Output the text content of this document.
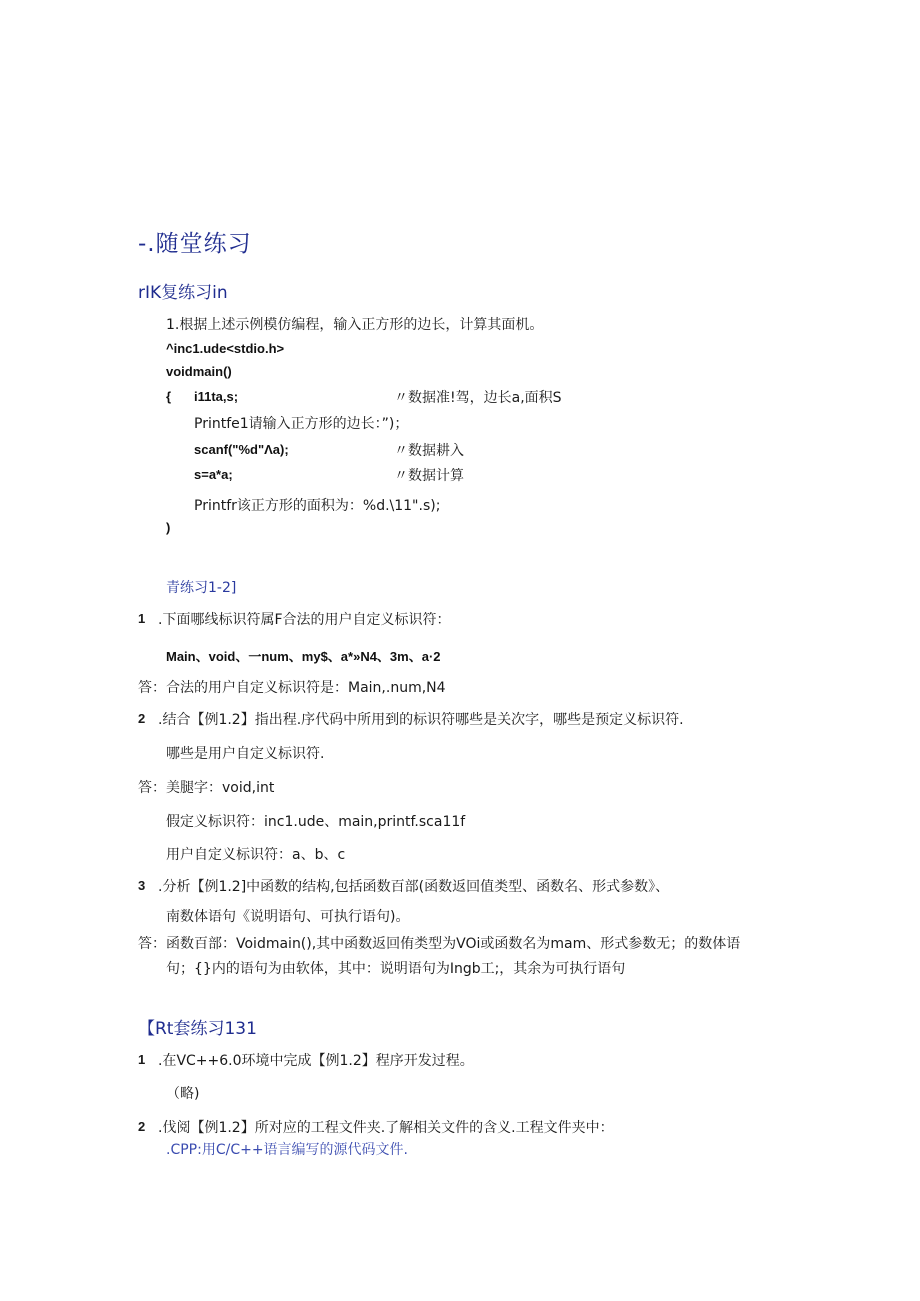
-.随堂练习
rIK复练习in
1.根据上述示例模仿编程，输入正方形的边长，计算其面机。
^inc1.ude<stdio.h>
voidmain()
{ i11ta,s;	〃数据准!驾，边长a,面积S
Printfe1请输入正方形的边长：”)；
scanf("%d"Λa);	〃数据耕入
s=a*a;	〃数据计算
Printfr该正方形的面积为：%d.\11".s);
)
青练习1-2]
1 .下面哪线标识符属F合法的用户自定义标识符：
Main、void、一num、my$、a*»N4、3m、a·2
答：合法的用户自定义标识符是：Main,.num,N4
2 .结合【例1.2】指出程.序代码中所用到的标识符哪些是关次字，哪些是预定义标识符.
哪些是用户自定义标识符.
答：美腿字：void,int
假定义标识符：inc1.ude、main,printf.sca11f
用户自定义标识符：a、b、c
3 .分析【例1.2]中函数的结构,包括函数百部(函数返回值类型、函数名、形式参数》、
南数体语句《说明语句、可执行语句)。
答：函数百部：Voidmain(),其中函数返回侑类型为VOi或函数名为mam、形式参数无；的数体语
句；{}内的语句为由软体，其中：说明语句为Ingb工;，其余为可执行语句
【Rt套练习131
1 .在VC++6.0环境中完成【例1.2】程序开发过程。
（略)
2 .伐阅【例1.2】所对应的工程文件夹.了解相关文件的含义.工程文件夹中：
.CPP:用C/C++语言编写的源代码文件.
